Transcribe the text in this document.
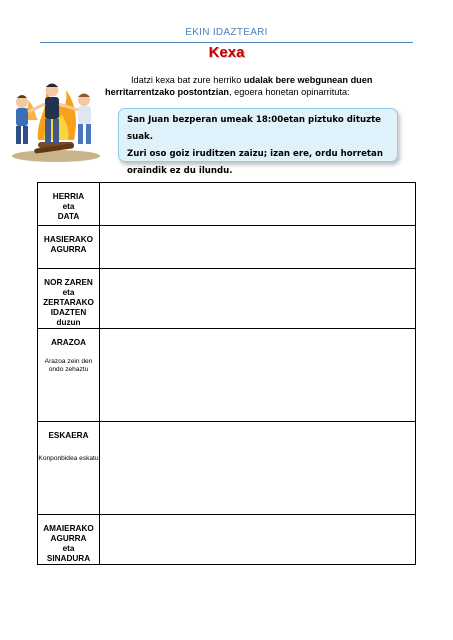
EKIN IDAZTEARI
Kexa
Idatzi kexa bat zure herriko udalak bere webgunean duen herritarrentzako postontzian, egoera honetan opinarrituta:
San Juan bezperan umeak 18:00etan piztuko dituzte suak.
Zuri oso goiz iruditzen zaizu; izan ere, ordu horretan
oraindik ez du ilundu.
HERRIA
eta
DATA	

HASIERAKO
AGURRA	

NOR ZAREN
eta
ZERTARAKO
IDAZTEN
duzun	

ARAZOA
Arazoa zein den ondo zehaztu	

ESKAERA
Konponbidea eskatu	

AMAIERAKO
AGURRA
eta
SINADURA	
